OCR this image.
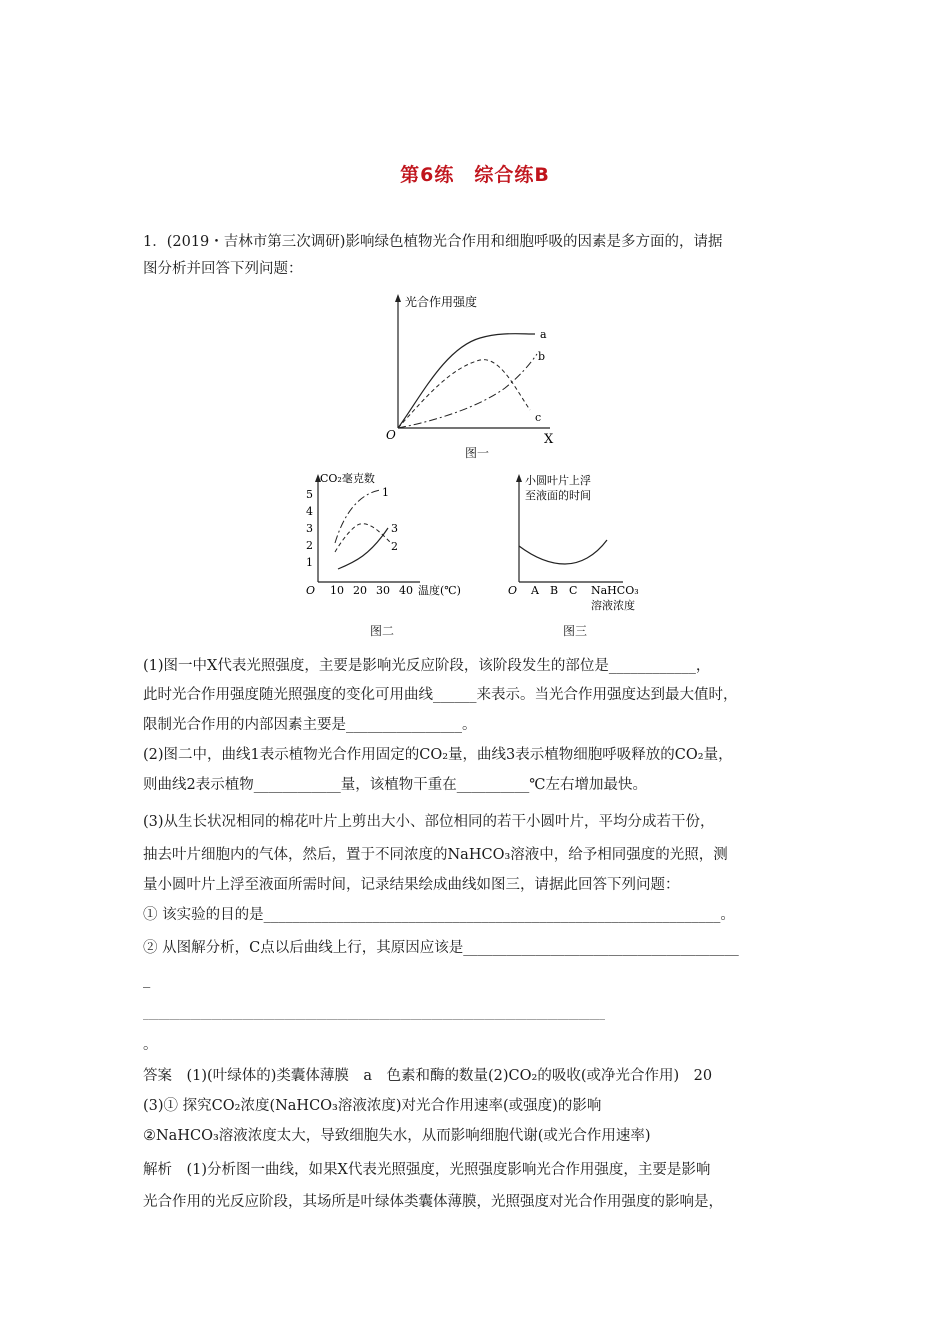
第6练　综合练B
1．(2019・吉林市第三次调研)影响绿色植物光合作用和细胞呼吸的因素是多方面的，请据
图分析并回答下列问题：
光合作用强度
X
O
a
b
c
图一
CO₂毫克数
5
4
3
2
1
O 10 20 30 40 温度(℃)
1
2
3
图二
小圆叶片上浮
至液面的时间
O A B C NaHCO₃
溶液浓度
图三
(1)图一中X代表光照强度，主要是影响光反应阶段，该阶段发生的部位是____________，
此时光合作用强度随光照强度的变化可用曲线______来表示。当光合作用强度达到最大值时，
限制光合作用的内部因素主要是________________。
(2)图二中，曲线1表示植物光合作用固定的CO₂量，曲线3表示植物细胞呼吸释放的CO₂量，
则曲线2表示植物____________量，该植物干重在__________℃左右增加最快。
(3)从生长状况相同的棉花叶片上剪出大小、部位相同的若干小圆叶片，平均分成若干份，
抽去叶片细胞内的气体，然后，置于不同浓度的NaHCO₃溶液中，给予相同强度的光照，测
量小圆叶片上浮至液面所需时间，记录结果绘成曲线如图三，请据此回答下列问题：
① 该实验的目的是_______________________________________________________________。
② 从图解分析，C点以后曲线上行，其原因应该是______________________________________
_
________________________________________________________________________________________
。
答案　(1)(叶绿体的)类囊体薄膜　a　色素和酶的数量(2)CO₂的吸收(或净光合作用)　20
(3)① 探究CO₂浓度(NaHCO₃溶液浓度)对光合作用速率(或强度)的影响
②NaHCO₃溶液浓度太大，导致细胞失水，从而影响细胞代谢(或光合作用速率)
解析　(1)分析图一曲线，如果X代表光照强度，光照强度影响光合作用强度，主要是影响
光合作用的光反应阶段，其场所是叶绿体类囊体薄膜，光照强度对光合作用强度的影响是，
